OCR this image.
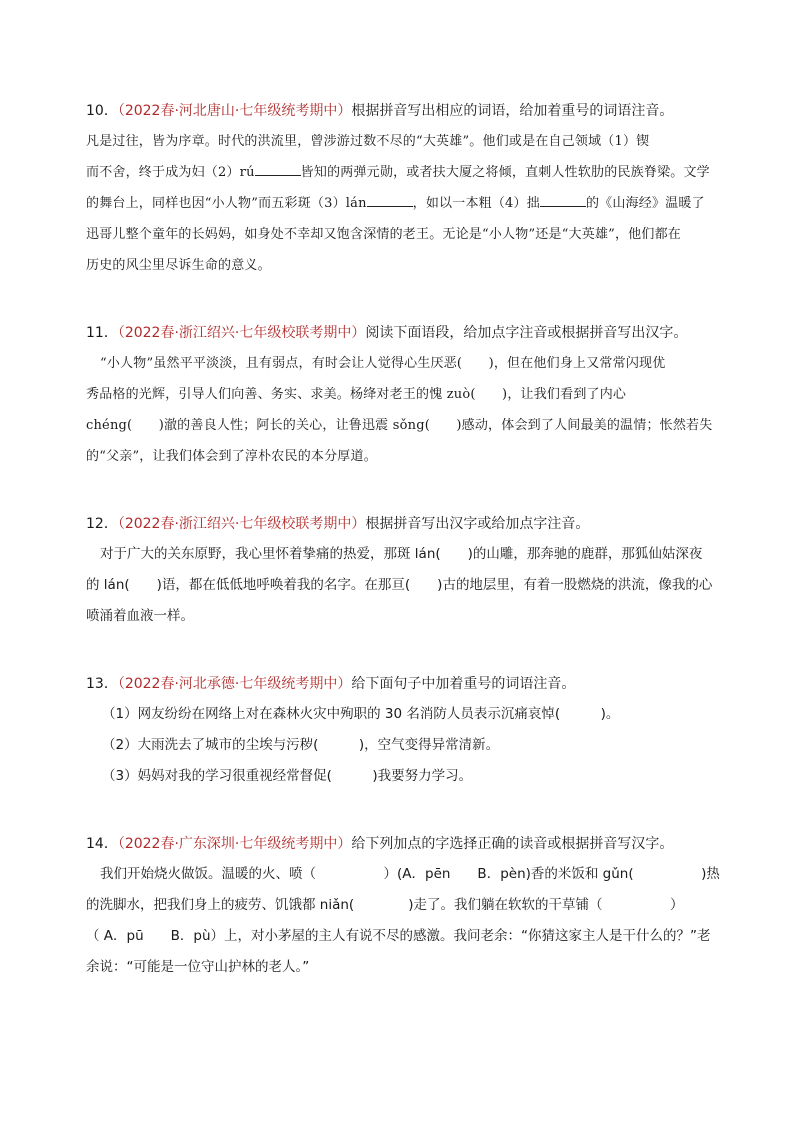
10．（2022春·河北唐山·七年级统考期中）根据拼音写出相应的词语，给加着重号的词语注音。
凡是过往，皆为序章。时代的洪流里，曾涉游过数不尽的“大英雄”。他们或是在自己领域（1）锲
而不舍，终于成为妇（2）rú	皆知的两弹元勋，或者扶大厦之将倾，直刺人性软肋的民族脊梁。文学
的舞台上，同样也因“小人物”而五彩斑（3）lán	，如以一本粗（4）拙	的《山海经》温暖了
迅哥儿整个童年的长妈妈，如身处不幸却又饱含深情的老王。无论是“小人物”还是“大英雄”，他们都在
历史的风尘里尽诉生命的意义。
11．（2022春·浙江绍兴·七年级校联考期中）阅读下面语段，给加点字注音或根据拼音写出汉字。
“小人物”虽然平平淡淡，且有弱点，有时会让人觉得心生厌恶(　　)，但在他们身上又常常闪现优
秀品格的光辉，引导人们向善、务实、求美。杨绛对老王的愧 zuò(　　)，让我们看到了内心
chéng(　　)澈的善良人性；阿长的关心，让鲁迅震 sǒng(　　)感动，体会到了人间最美的温情；怅然若失
的“父亲”，让我们体会到了淳朴农民的本分厚道。
12．（2022春·浙江绍兴·七年级校联考期中）根据拼音写出汉字或给加点字注音。
对于广大的关东原野，我心里怀着挚痛的热爱，那斑 lán(　　)的山雕，那奔驰的鹿群，那狐仙姑深夜
的 lán(　　)语，都在低低地呼唤着我的名字。在那亘(　　)古的地层里，有着一股燃烧的洪流，像我的心
喷涌着血液一样。
13．（2022春·河北承德·七年级统考期中）给下面句子中加着重号的词语注音。
（1）网友纷纷在网络上对在森林火灾中殉职的 30 名消防人员表示沉痛哀悼(　　　)。
（2）大雨洗去了城市的尘埃与污秽(　　　)，空气变得异常清新。
（3）妈妈对我的学习很重视经常督促(　　　)我要努力学习。
14．（2022春·广东深圳·七年级统考期中）给下列加点的字选择正确的读音或根据拼音写汉字。
我们开始烧火做饭。温暖的火、喷（　　　　　）(A．pēn　　B．pèn)香的米饭和 gǔn(　　　　　)热
的洗脚水，把我们身上的疲劳、饥饿都 niǎn(　　　　)走了。我们躺在软软的干草铺（　　　　　）
（ A．pū　　B．pù）上，对小茅屋的主人有说不尽的感激。我问老余：“你猜这家主人是干什么的？”老
余说：“可能是一位守山护林的老人。”
